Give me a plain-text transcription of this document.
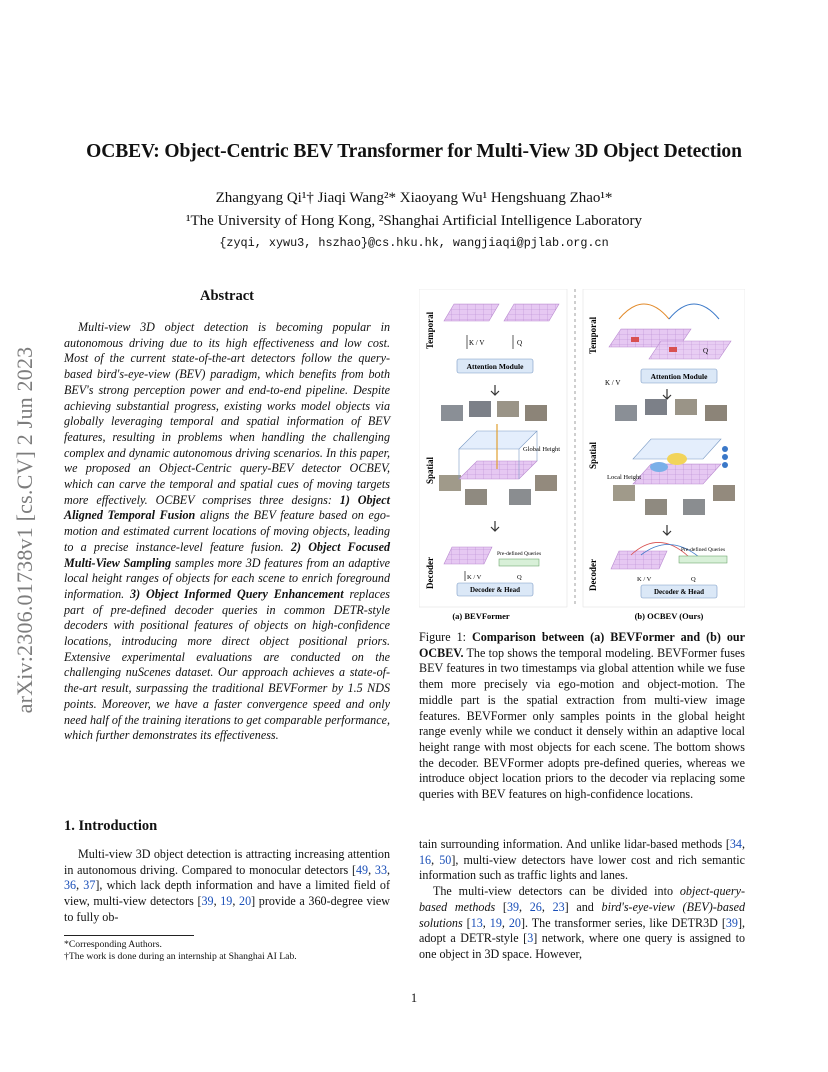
OCBEV: Object-Centric BEV Transformer for Multi-View 3D Object Detection
Zhangyang Qi¹† Jiaqi Wang²* Xiaoyang Wu¹ Hengshuang Zhao¹*
¹The University of Hong Kong, ²Shanghai Artificial Intelligence Laboratory
{zyqi, xywu3, hszhao}@cs.hku.hk, wangjiaqi@pjlab.org.cn
arXiv:2306.01738v1 [cs.CV] 2 Jun 2023
Abstract

Multi-view 3D object detection is becoming popular in autonomous driving due to its high effectiveness and low cost. Most of the current state-of-the-art detectors follow the query-based bird's-eye-view (BEV) paradigm, which benefits from both BEV's strong perception power and end-to-end pipeline. Despite achieving substantial progress, existing works model objects via globally leveraging temporal and spatial information of BEV features, resulting in problems when handling the challenging complex and dynamic autonomous driving scenarios. In this paper, we proposed an Object-Centric query-BEV detector OCBEV, which can carve the temporal and spatial cues of moving targets more effectively. OCBEV comprises three designs: 1) Object Aligned Temporal Fusion aligns the BEV feature based on ego-motion and estimated current locations of moving objects, leading to a precise instance-level feature fusion. 2) Object Focused Multi-View Sampling samples more 3D features from an adaptive local height ranges of objects for each scene to enrich foreground information. 3) Object Informed Query Enhancement replaces part of pre-defined decoder queries in common DETR-style decoders with positional features of objects on high-confidence locations, introducing more direct object positional priors. Extensive experimental evaluations are conducted on the challenging nuScenes dataset. Our approach achieves a state-of-the-art result, surpassing the traditional BEVFormer by 1.5 NDS points. Moreover, we have a faster convergence speed and only need half of the training iterations to get comparable performance, which further demonstrates its effectiveness.

1. Introduction

Multi-view 3D object detection is attracting increasing attention in autonomous driving. Compared to monocular detectors [49, 33, 36, 37], which lack depth information and have a limited field of view, multi-view detectors [39, 19, 20] provide a 360-degree view to fully ob-

*Corresponding Authors.
†The work is done during an internship at Shanghai AI Lab.
1
Temporal	K / V	Q
Attention Module
Spatial
Global Height
Decoder
Pre-defined Queries
K / V	Q
Decoder & Head
Temporal
K / V
Q
Attention Module
Spatial
Local Height
Decoder
Pre-defined Queries
K / V	Q
Decoder & Head
(a) BEVFormer	(b) OCBEV (Ours)

Figure 1: Comparison between (a) BEVFormer and (b) our OCBEV. The top shows the temporal modeling. BEVFormer fuses BEV features in two timestamps via global attention while we fuse them more precisely via ego-motion and object-motion. The middle part is the spatial extraction from multi-view image features. BEVFormer only samples points in the global height range evenly while we conduct it densely within an adaptive local height range with most objects for each scene. The bottom shows the decoder. BEVFormer adopts pre-defined queries, whereas we introduce object location priors to the decoder via replacing some queries with BEV features on high-confidence locations.

tain surrounding information. And unlike lidar-based methods [34, 16, 50], multi-view detectors have lower cost and rich semantic information such as traffic lights and lanes.
The multi-view detectors can be divided into object-query-based methods [39, 26, 23] and bird's-eye-view (BEV)-based solutions [13, 19, 20]. The transformer series, like DETR3D [39], adopt a DETR-style [3] network, where one query is assigned to one object in 3D space. However,
